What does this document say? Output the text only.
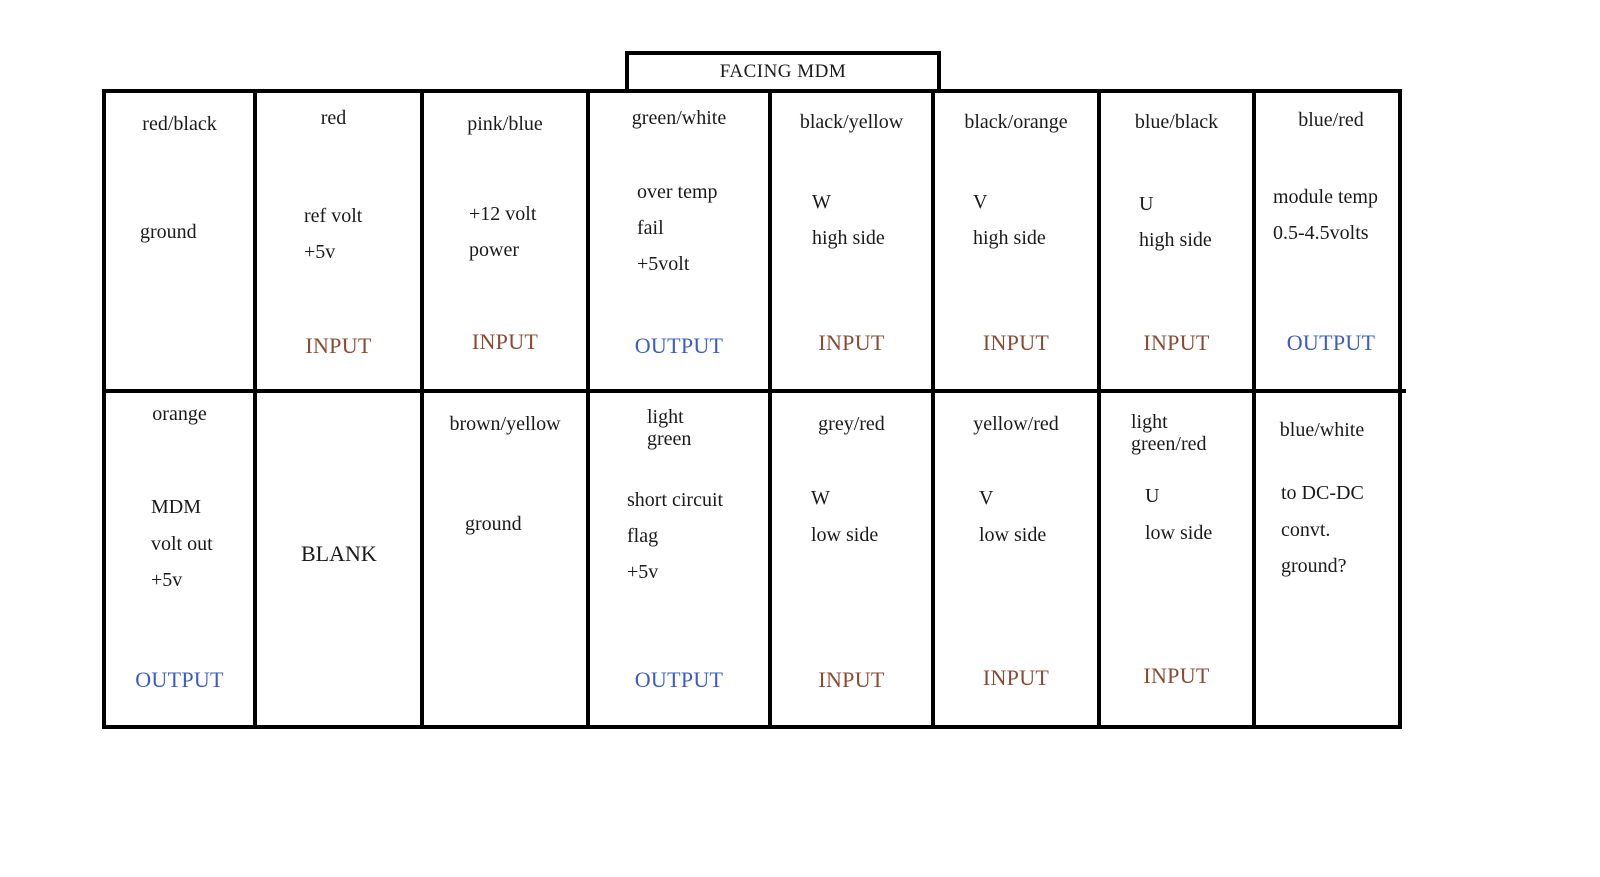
FACING MDM
red/black
ground
red
ref volt
+5v
INPUT
pink/blue
+12 volt
power
INPUT
green/white
over temp
fail
+5volt
OUTPUT
black/yellow
W
high side
INPUT
black/orange
V
high side
INPUT
blue/black
U
high side
INPUT
blue/red
module temp
0.5-4.5volts
OUTPUT
orange
MDM
volt out
+5v
OUTPUT
BLANK
brown/yellow
ground
light
green
short circuit
flag
+5v
OUTPUT
grey/red
W
low side
INPUT
yellow/red
V
low side
INPUT
light
green/red
U
low side
INPUT
blue/white
to DC-DC
convt.
ground?
